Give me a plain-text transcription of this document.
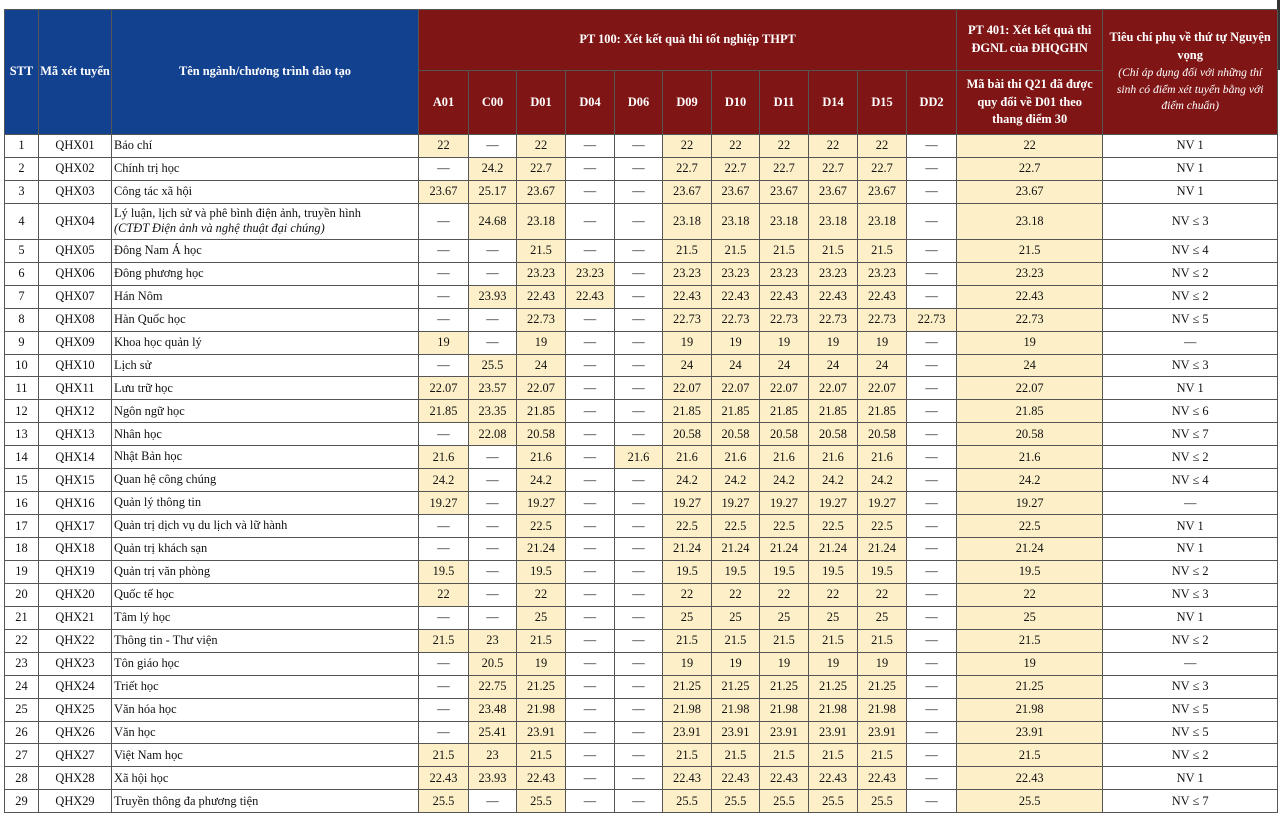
STT	Mã xét tuyển	Tên ngành/chương trình đào tạo	PT 100: Xét kết quả thi tốt nghiệp THPT											PT 401: Xét kết quả thi ĐGNL của ĐHQGHN	Tiêu chí phụ về thứ tự Nguyện vọng
(Chỉ áp dụng đối với những thí sinh có điểm xét tuyển bằng với điểm chuẩn)

			A01	C00	D01	D04	D06	D09	D10	D11	D14	D15	DD2	Mã bài thi Q21 đã được quy đổi về D01 theo thang điểm 30	
1	QHX01	Báo chí	22	—	22	—	—	22	22	22	22	22	—	22	NV 1
2	QHX02	Chính trị học	—	24.2	22.7	—	—	22.7	22.7	22.7	22.7	22.7	—	22.7	NV 1
3	QHX03	Công tác xã hội	23.67	25.17	23.67	—	—	23.67	23.67	23.67	23.67	23.67	—	23.67	NV 1
4	QHX04	Lý luận, lịch sử và phê bình điện ảnh, truyền hình
(CTĐT Điện ảnh và nghệ thuật đại chúng)	—	24.68	23.18	—	—	23.18	23.18	23.18	23.18	23.18	—	23.18	NV ≤ 3
5	QHX05	Đông Nam Á học	—	—	21.5	—	—	21.5	21.5	21.5	21.5	21.5	—	21.5	NV ≤ 4
6	QHX06	Đông phương học	—	—	23.23	23.23	—	23.23	23.23	23.23	23.23	23.23	—	23.23	NV ≤ 2
7	QHX07	Hán Nôm	—	23.93	22.43	22.43	—	22.43	22.43	22.43	22.43	22.43	—	22.43	NV ≤ 2
8	QHX08	Hàn Quốc học	—	—	22.73	—	—	22.73	22.73	22.73	22.73	22.73	22.73	22.73	NV ≤ 5
9	QHX09	Khoa học quản lý	19	—	19	—	—	19	19	19	19	19	—	19	—
10	QHX10	Lịch sử	—	25.5	24	—	—	24	24	24	24	24	—	24	NV ≤ 3
11	QHX11	Lưu trữ học	22.07	23.57	22.07	—	—	22.07	22.07	22.07	22.07	22.07	—	22.07	NV 1
12	QHX12	Ngôn ngữ học	21.85	23.35	21.85	—	—	21.85	21.85	21.85	21.85	21.85	—	21.85	NV ≤ 6
13	QHX13	Nhân học	—	22.08	20.58	—	—	20.58	20.58	20.58	20.58	20.58	—	20.58	NV ≤ 7
14	QHX14	Nhật Bản học	21.6	—	21.6	—	21.6	21.6	21.6	21.6	21.6	21.6	—	21.6	NV ≤ 2
15	QHX15	Quan hệ công chúng	24.2	—	24.2	—	—	24.2	24.2	24.2	24.2	24.2	—	24.2	NV ≤ 4
16	QHX16	Quản lý thông tin	19.27	—	19.27	—	—	19.27	19.27	19.27	19.27	19.27	—	19.27	—
17	QHX17	Quản trị dịch vụ du lịch và lữ hành	—	—	22.5	—	—	22.5	22.5	22.5	22.5	22.5	—	22.5	NV 1
18	QHX18	Quản trị khách sạn	—	—	21.24	—	—	21.24	21.24	21.24	21.24	21.24	—	21.24	NV 1
19	QHX19	Quản trị văn phòng	19.5	—	19.5	—	—	19.5	19.5	19.5	19.5	19.5	—	19.5	NV ≤ 2
20	QHX20	Quốc tế học	22	—	22	—	—	22	22	22	22	22	—	22	NV ≤ 3
21	QHX21	Tâm lý học	—	—	25	—	—	25	25	25	25	25	—	25	NV 1
22	QHX22	Thông tin - Thư viện	21.5	23	21.5	—	—	21.5	21.5	21.5	21.5	21.5	—	21.5	NV ≤ 2
23	QHX23	Tôn giáo học	—	20.5	19	—	—	19	19	19	19	19	—	19	—
24	QHX24	Triết học	—	22.75	21.25	—	—	21.25	21.25	21.25	21.25	21.25	—	21.25	NV ≤ 3
25	QHX25	Văn hóa học	—	23.48	21.98	—	—	21.98	21.98	21.98	21.98	21.98	—	21.98	NV ≤ 5
26	QHX26	Văn học	—	25.41	23.91	—	—	23.91	23.91	23.91	23.91	23.91	—	23.91	NV ≤ 5
27	QHX27	Việt Nam học	21.5	23	21.5	—	—	21.5	21.5	21.5	21.5	21.5	—	21.5	NV ≤ 2
28	QHX28	Xã hội học	22.43	23.93	22.43	—	—	22.43	22.43	22.43	22.43	22.43	—	22.43	NV 1
29	QHX29	Truyền thông đa phương tiện	25.5	—	25.5	—	—	25.5	25.5	25.5	25.5	25.5	—	25.5	NV ≤ 7
